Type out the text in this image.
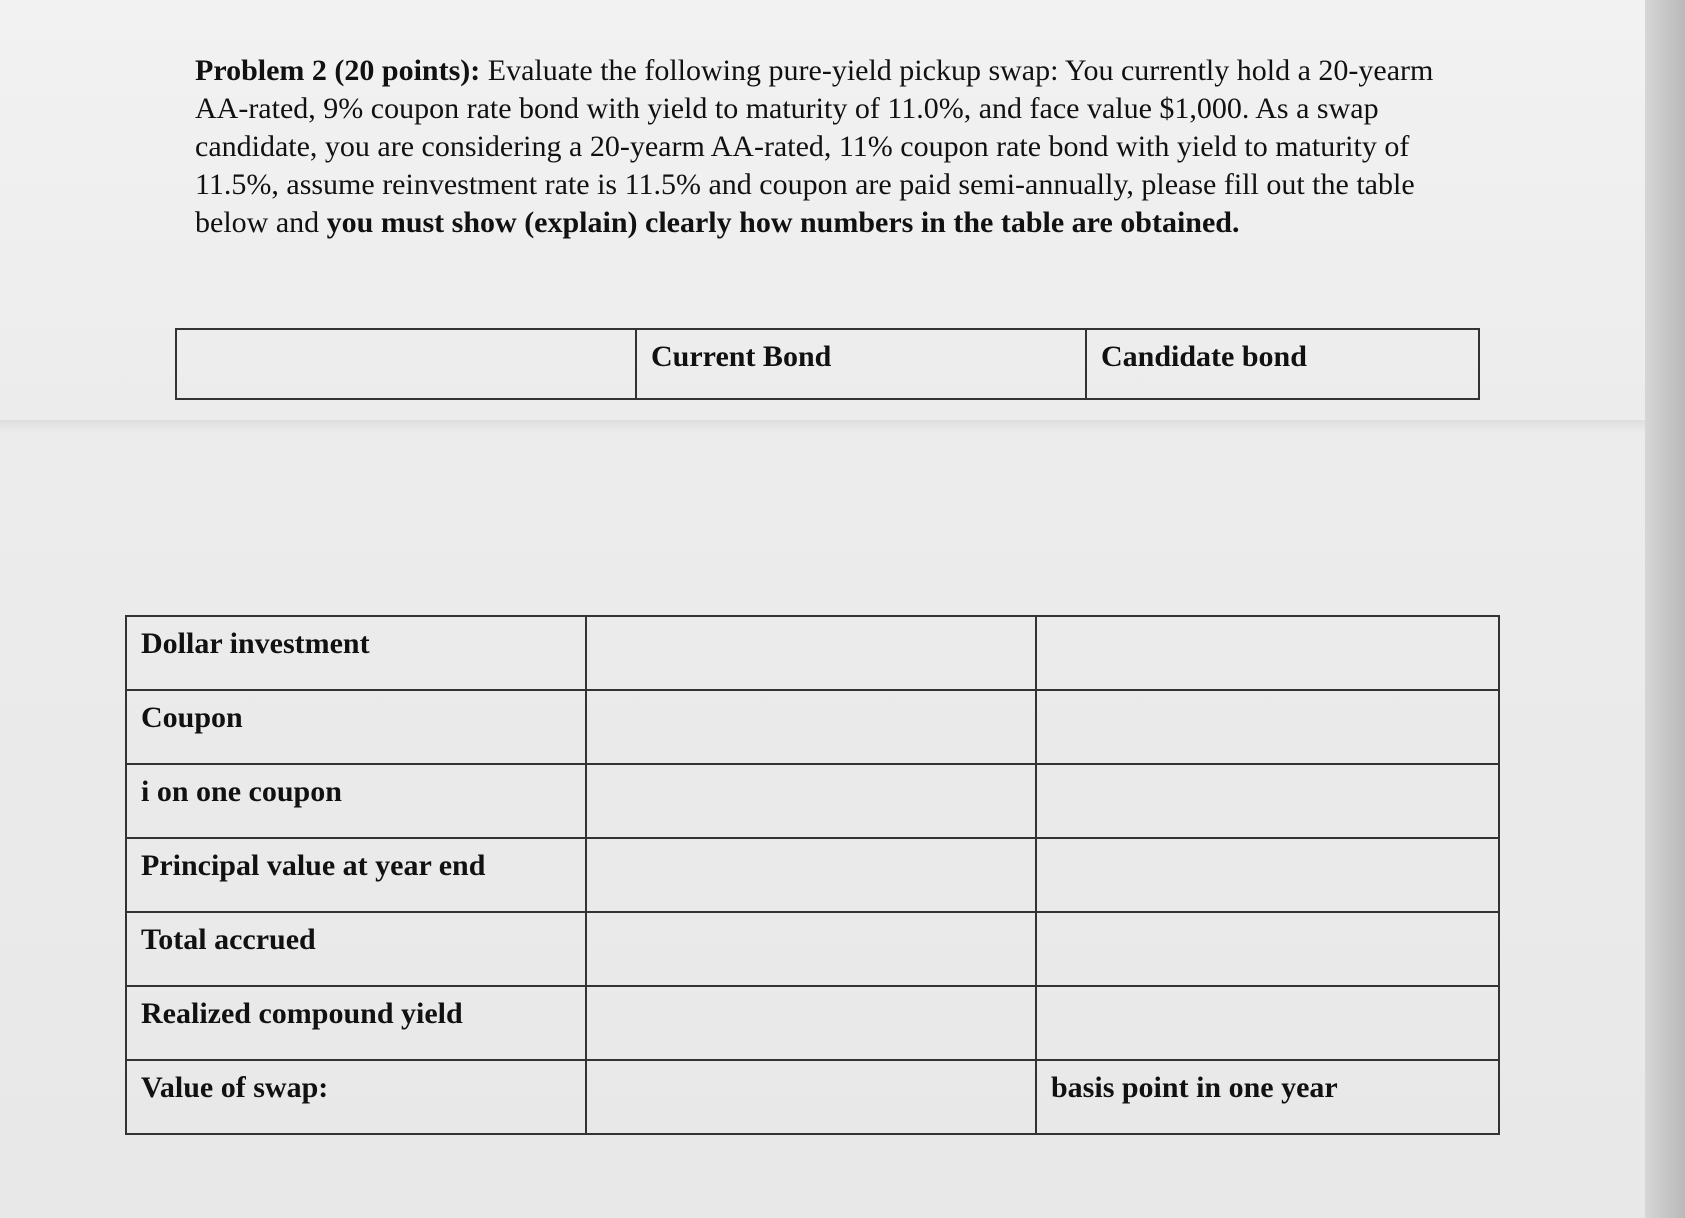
Problem 2 (20 points): Evaluate the following pure-yield pickup swap: You currently hold a 20-yearm AA-rated, 9% coupon rate bond with yield to maturity of 11.0%, and face value $1,000. As a swap candidate, you are considering a 20-yearm AA-rated, 11% coupon rate bond with yield to maturity of 11.5%, assume reinvestment rate is 11.5% and coupon are paid semi-annually, please fill out the table below and you must show (explain) clearly how numbers in the table are obtained.
	Current Bond	Candidate bond
Dollar investment		
Coupon		
i on one coupon		
Principal value at year end		
Total accrued		
Realized compound yield		
Value of swap:		basis point in one year
